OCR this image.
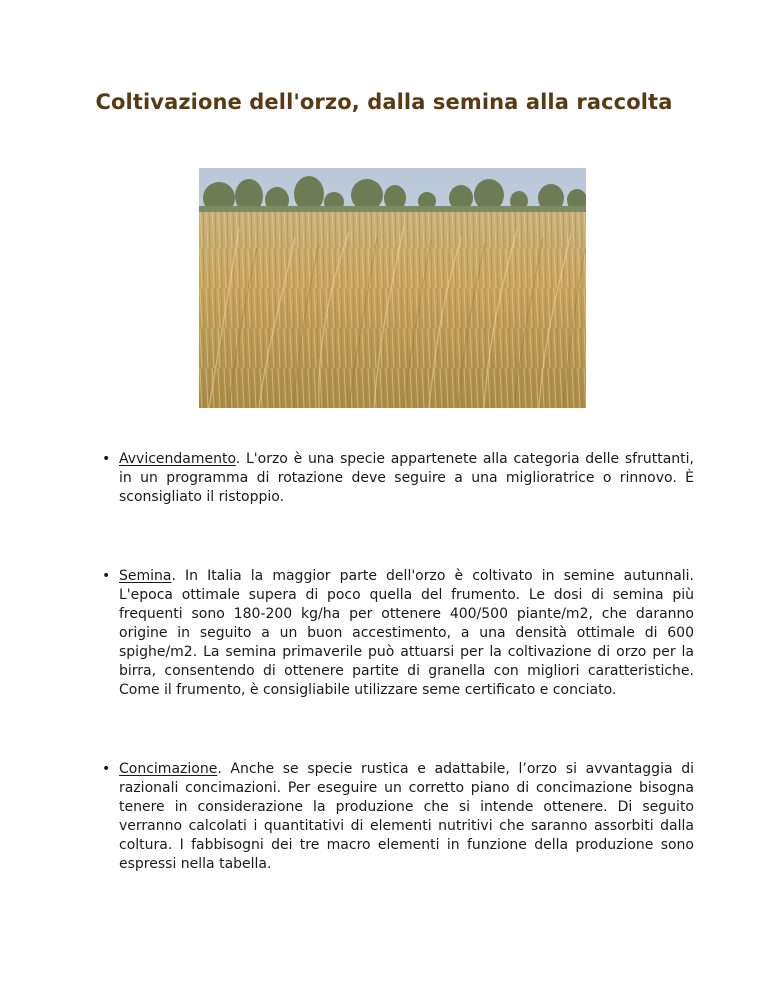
Coltivazione dell'orzo, dalla semina alla raccolta
• Avvicendamento. L'orzo è una specie appartenete alla categoria delle sfruttanti, in un programma di rotazione deve seguire a una miglioratrice o rinnovo. È sconsigliato il ristoppio.
• Semina. In Italia la maggior parte dell'orzo è coltivato in semine autunnali. L'epoca ottimale supera di poco quella del frumento. Le dosi di semina più frequenti sono 180-200 kg/ha per ottenere 400/500 piante/m2, che daranno origine in seguito a un buon accestimento, a una densità ottimale di 600 spighe/m2. La semina primaverile può attuarsi per la coltivazione di orzo per la birra, consentendo di ottenere partite di granella con migliori caratteristiche. Come il frumento, è consigliabile utilizzare seme certificato e conciato.
• Concimazione. Anche se specie rustica e adattabile, l’orzo si avvantaggia di razionali concimazioni. Per eseguire un corretto piano di concimazione bisogna tenere in considerazione la produzione che si intende ottenere. Di seguito verranno calcolati i quantitativi di elementi nutritivi che saranno assorbiti dalla coltura. I fabbisogni dei tre macro elementi in funzione della produzione sono espressi nella tabella.
